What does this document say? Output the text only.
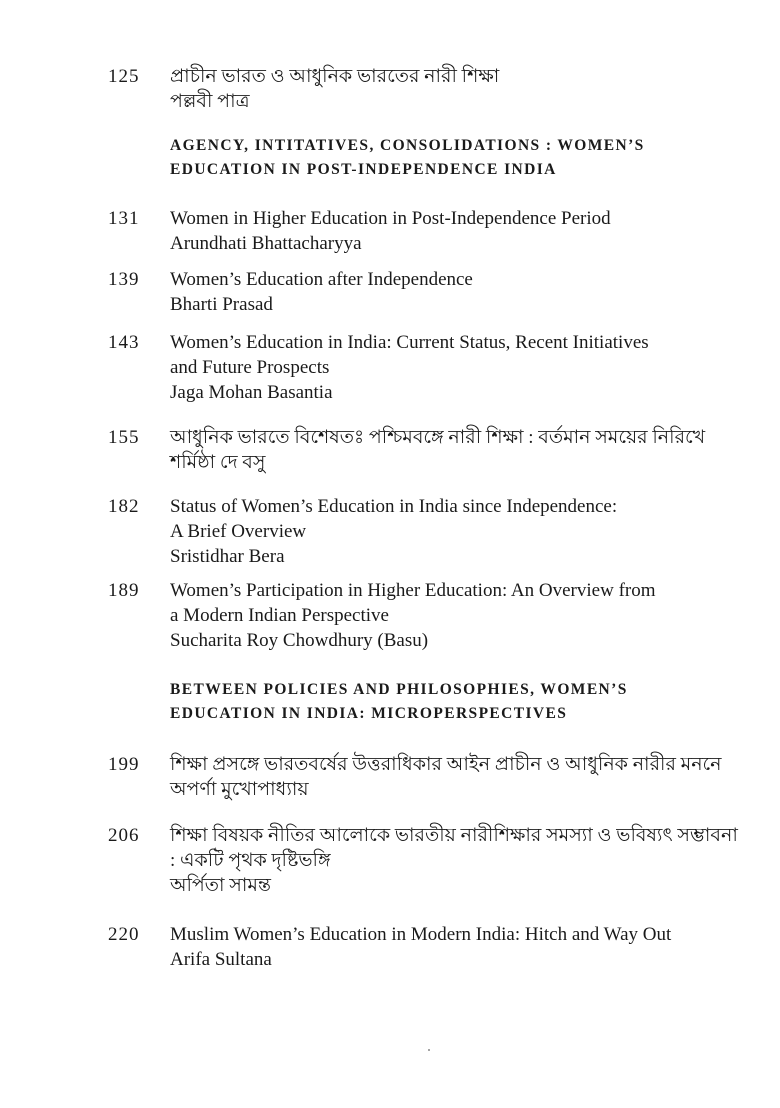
125 প্রাচীন ভারত ও আধুনিক ভারতের নারী শিক্ষা
পল্লবী পাত্র
AGENCY, INTITATIVES, CONSOLIDATIONS : WOMEN’S
EDUCATION IN POST-INDEPENDENCE INDIA
131 Women in Higher Education in Post-Independence Period
Arundhati Bhattacharyya
139 Women’s Education after Independence
Bharti Prasad
143 Women’s Education in India: Current Status, Recent Initiatives
and Future Prospects
Jaga Mohan Basantia
155 আধুনিক ভারতে বিশেষতঃ পশ্চিমবঙ্গে নারী শিক্ষা : বর্তমান সময়ের নিরিখে
শর্মিষ্ঠা দে বসু
182 Status of Women’s Education in India since Independence:
A Brief Overview
Sristidhar Bera
189 Women’s Participation in Higher Education: An Overview from
a Modern Indian Perspective
Sucharita Roy Chowdhury (Basu)
BETWEEN POLICIES AND PHILOSOPHIES, WOMEN’S
EDUCATION IN INDIA: MICROPERSPECTIVES
199 শিক্ষা প্রসঙ্গে ভারতবর্ষের উত্তরাধিকার আইন প্রাচীন ও আধুনিক নারীর মননে
অপর্ণা মুখোপাধ্যায়
206 শিক্ষা বিষয়ক নীতির আলোকে ভারতীয় নারীশিক্ষার সমস্যা ও ভবিষ্যৎ সম্ভাবনা
: একটি পৃথক দৃষ্টিভঙ্গি
অর্পিতা সামন্ত
220 Muslim Women’s Education in Modern India: Hitch and Way Out
Arifa Sultana
